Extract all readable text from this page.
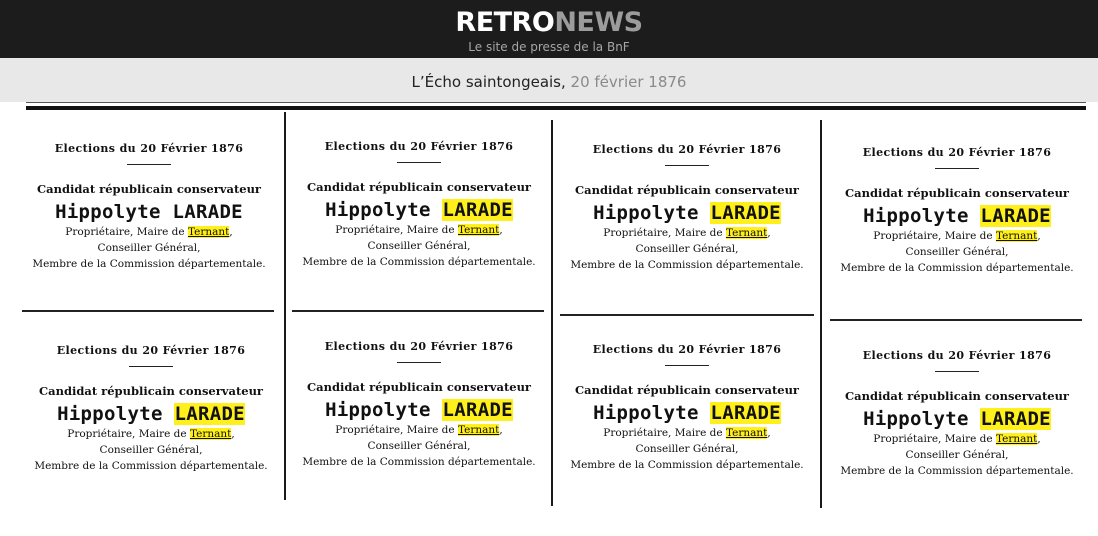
RETRONEWS
Le site de presse de la BnF
L’Écho saintongeais, 20 février 1876
Elections du 20 Février 1876
Candidat républicain conservateur
Hippolyte LARADE
Propriétaire, Maire de Ternant,
Conseiller Général,
Membre de la Commission départementale.
Elections du 20 Février 1876
Candidat républicain conservateur
Hippolyte LARADE
Propriétaire, Maire de Ternant,
Conseiller Général,
Membre de la Commission départementale.
Elections du 20 Février 1876
Candidat républicain conservateur
Hippolyte LARADE
Propriétaire, Maire de Ternant,
Conseiller Général,
Membre de la Commission départementale.
Elections du 20 Février 1876
Candidat républicain conservateur
Hippolyte LARADE
Propriétaire, Maire de Ternant,
Conseiller Général,
Membre de la Commission départementale.
Elections du 20 Février 1876
Candidat républicain conservateur
Hippolyte LARADE
Propriétaire, Maire de Ternant,
Conseiller Général,
Membre de la Commission départementale.
Elections du 20 Février 1876
Candidat républicain conservateur
Hippolyte LARADE
Propriétaire, Maire de Ternant,
Conseiller Général,
Membre de la Commission départementale.
Elections du 20 Février 1876
Candidat républicain conservateur
Hippolyte LARADE
Propriétaire, Maire de Ternant,
Conseiller Général,
Membre de la Commission départementale.
Elections du 20 Février 1876
Candidat républicain conservateur
Hippolyte LARADE
Propriétaire, Maire de Ternant,
Conseiller Général,
Membre de la Commission départementale.
